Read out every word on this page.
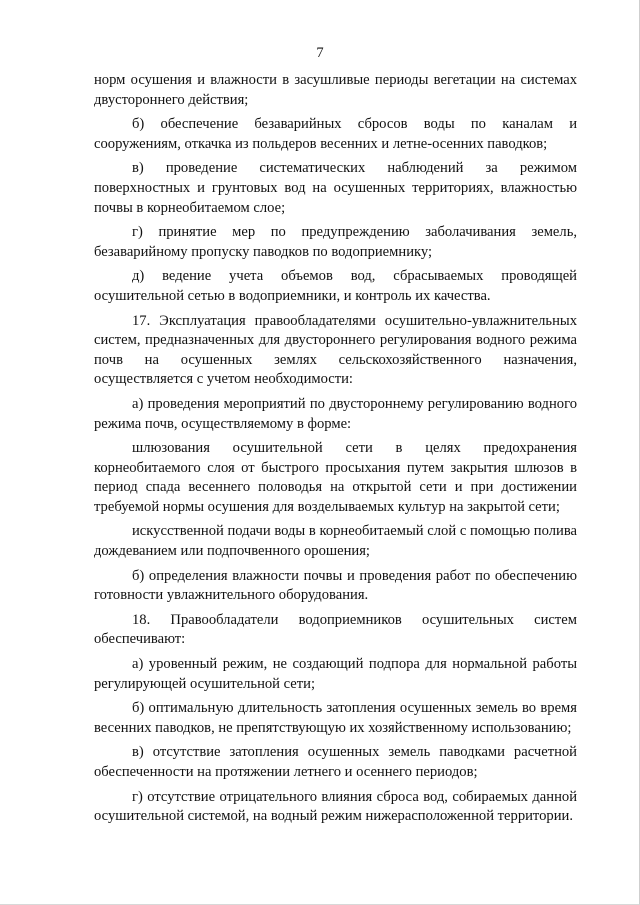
7

норм осушения и влажности в засушливые периоды вегетации на системах двустороннего действия;

б) обеспечение безаварийных сбросов воды по каналам и сооружениям, откачка из польдеров весенних и летне-осенних паводков;

в) проведение систематических наблюдений за режимом поверхностных и грунтовых вод на осушенных территориях, влажностью почвы в корнеобитаемом слое;

г) принятие мер по предупреждению заболачивания земель, безаварийному пропуску паводков по водоприемнику;

д) ведение учета объемов вод, сбрасываемых проводящей осушительной сетью в водоприемники, и контроль их качества.

17. Эксплуатация правообладателями осушительно-увлажнительных систем, предназначенных для двустороннего регулирования водного режима почв на осушенных землях сельскохозяйственного назначения, осуществляется с учетом необходимости:

а) проведения мероприятий по двустороннему регулированию водного режима почв, осуществляемому в форме:

шлюзования осушительной сети в целях предохранения корнеобитаемого слоя от быстрого просыхания путем закрытия шлюзов в период спада весеннего половодья на открытой сети и при достижении требуемой нормы осушения для возделываемых культур на закрытой сети;

искусственной подачи воды в корнеобитаемый слой с помощью полива дождеванием или подпочвенного орошения;

б) определения влажности почвы и проведения работ по обеспечению готовности увлажнительного оборудования.

18. Правообладатели водоприемников осушительных систем обеспечивают:

а) уровенный режим, не создающий подпора для нормальной работы регулирующей осушительной сети;

б) оптимальную длительность затопления осушенных земель во время весенних паводков, не препятствующую их хозяйственному использованию;

в) отсутствие затопления осушенных земель паводками расчетной обеспеченности на протяжении летнего и осеннего периодов;

г) отсутствие отрицательного влияния сброса вод, собираемых данной осушительной системой, на водный режим нижерасположенной территории.
